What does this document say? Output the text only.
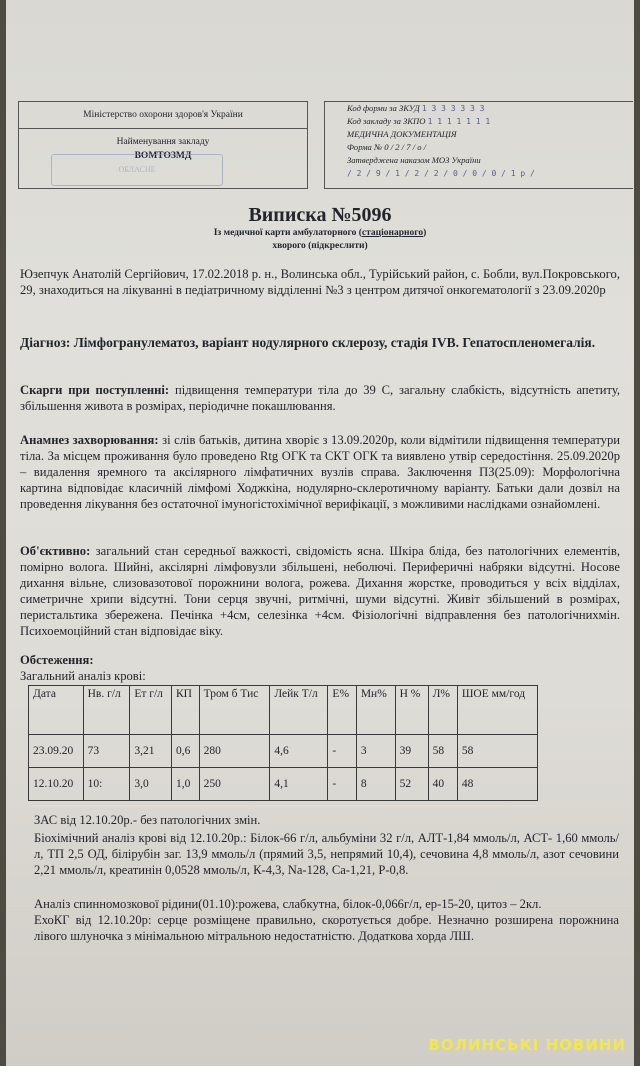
Міністерство охорони здоров'я України
Найменування закладу
ВОМТОЗМД
ОБЛАСНЕ
Код форми за ЗКУД 1 3 3 3 3 3 3
Код закладу за ЗКПО 1 1 1 1 1 1 1
МЕДИЧНА ДОКУМЕНТАЦІЯ
Форма № 0 / 2 / 7 / о /
Затверджена наказом МОЗ України
/ 2 / 9 / 1 / 2 / 2 / 0 / 0 / 0 / 1 р /
Виписка №5096
Із медичної карти амбулаторного (стаціонарного)
хворого (підкреслити)
Юзепчук Анатолій Сергійович, 17.02.2018 р. н., Волинська обл., Турійський район, с. Бобли, вул.Покровського, 29, знаходиться на лікуванні в педіатричному відділенні №3 з центром дитячої онкогематології з 23.09.2020р
Діагноз: Лімфогранулематоз, варіант нодулярного склерозу, стадія IVB. Гепатоспленомегалія.
Скарги при поступленні: підвищення температури тіла до 39 С, загальну слабкість, відсутність апетиту, збільшення живота в розмірах, періодичне покашлювання.
Анамнез захворювання: зі слів батьків, дитина хворіє з 13.09.2020р, коли відмітили підвищення температури тіла. За місцем проживання було проведено Rtg ОГК та СКТ ОГК та виявлено утвір середостіння. 25.09.2020р – видалення яремного та аксілярного лімфатичних вузлів справа. Заключення ПЗ(25.09): Морфологічна картина відповідає класичній лімфомі Ходжкіна, нодулярно-склеротичному варіанту. Батьки дали дозвіл на проведення лікування без остаточної імуногістохімічної верифікації, з можливими наслідками ознайомлені.
Об'єктивно: загальний стан середньої важкості, свідомість ясна. Шкіра бліда, без патологічних елементів, помірно волога. Шийні, аксілярні лімфовузли збільшені, неболючі. Периферичні набряки відсутні. Носове дихання вільне, слизовазотової порожнини волога, рожева. Дихання жорстке, проводиться у всіх відділах, симетричне хрипи відсутні. Тони серця звучні, ритмічні, шуми відсутні. Живіт збільшений в розмірах, перистальтика збережена. Печінка +4см, селезінка +4см. Фізіологічні відправлення без патологічнихмін. Психоемоційний стан відповідає віку.
Обстеження:
Загальний аналіз крові:
Дата	Нв. г/л	Ет г/л	КП	Тром б Тис	Лейк Т/л	Е%	Мн%	Н %	Л%	ШОЕ мм/год
23.09.20	73	3,21	0,6	280	4,6	-	3	39	58	58
12.10.20	10:	3,0	1,0	250	4,1	-	8	52	40	48
ЗАС від 12.10.20р.- без патологічних змін.
Біохімічний аналіз крові від 12.10.20р.: Білок-66 г/л, альбуміни 32 г/л, АЛТ-1,84 ммоль/л, АСТ- 1,60 ммоль/л, ТП 2,5 ОД, білірубін заг. 13,9 ммоль/л (прямий 3,5, непрямий 10,4), сечовина 4,8 ммоль/л, азот сечовини 2,21 ммоль/л, креатинін 0,0528 ммоль/л, К-4,3, Na-128, Са-1,21, Р-0,8.
Аналіз спинномозкової рідини(01.10):рожева, слабкутна, білок-0,066г/л, ер-15-20, цитоз – 2кл.
ЕхоКГ від 12.10.20р: серце розміщене правильно, скоротується добре. Незначно розширена порожнина лівого шлуночка з мінімальною мітральною недостатністю. Додаткова хорда ЛШ.
ВОЛИНСЬКІ НОВИНИ
